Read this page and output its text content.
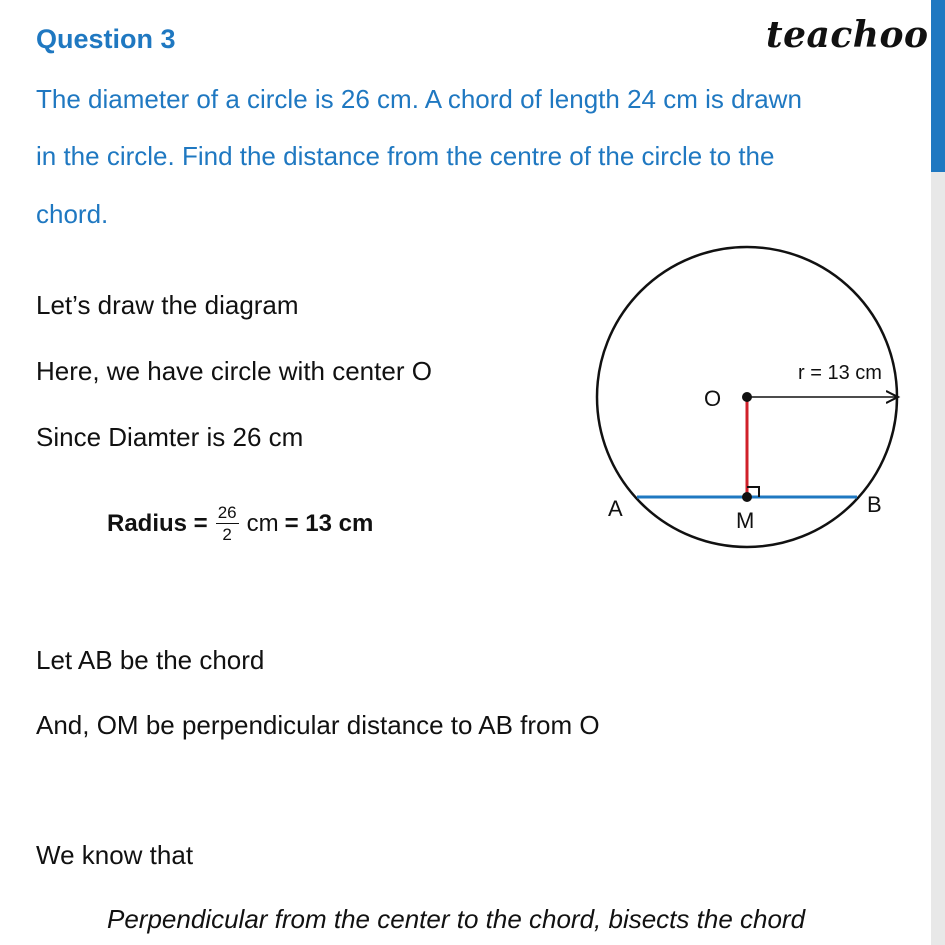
Question 3	teachoo
The diameter of a circle is 26 cm. A chord of length 24 cm is drawn
in the circle. Find the distance from the centre of the circle to the
chord.
Let’s draw the diagram
Here, we have circle with center O
Since Diamter is 26 cm
Radius = $\frac{26}{2}$ cm = 13 cm
Let AB be the chord
And, OM be perpendicular distance to AB from O
We know that
Perpendicular from the center to the chord, bisects the chord
O
A	B
M
r = 13 cm
